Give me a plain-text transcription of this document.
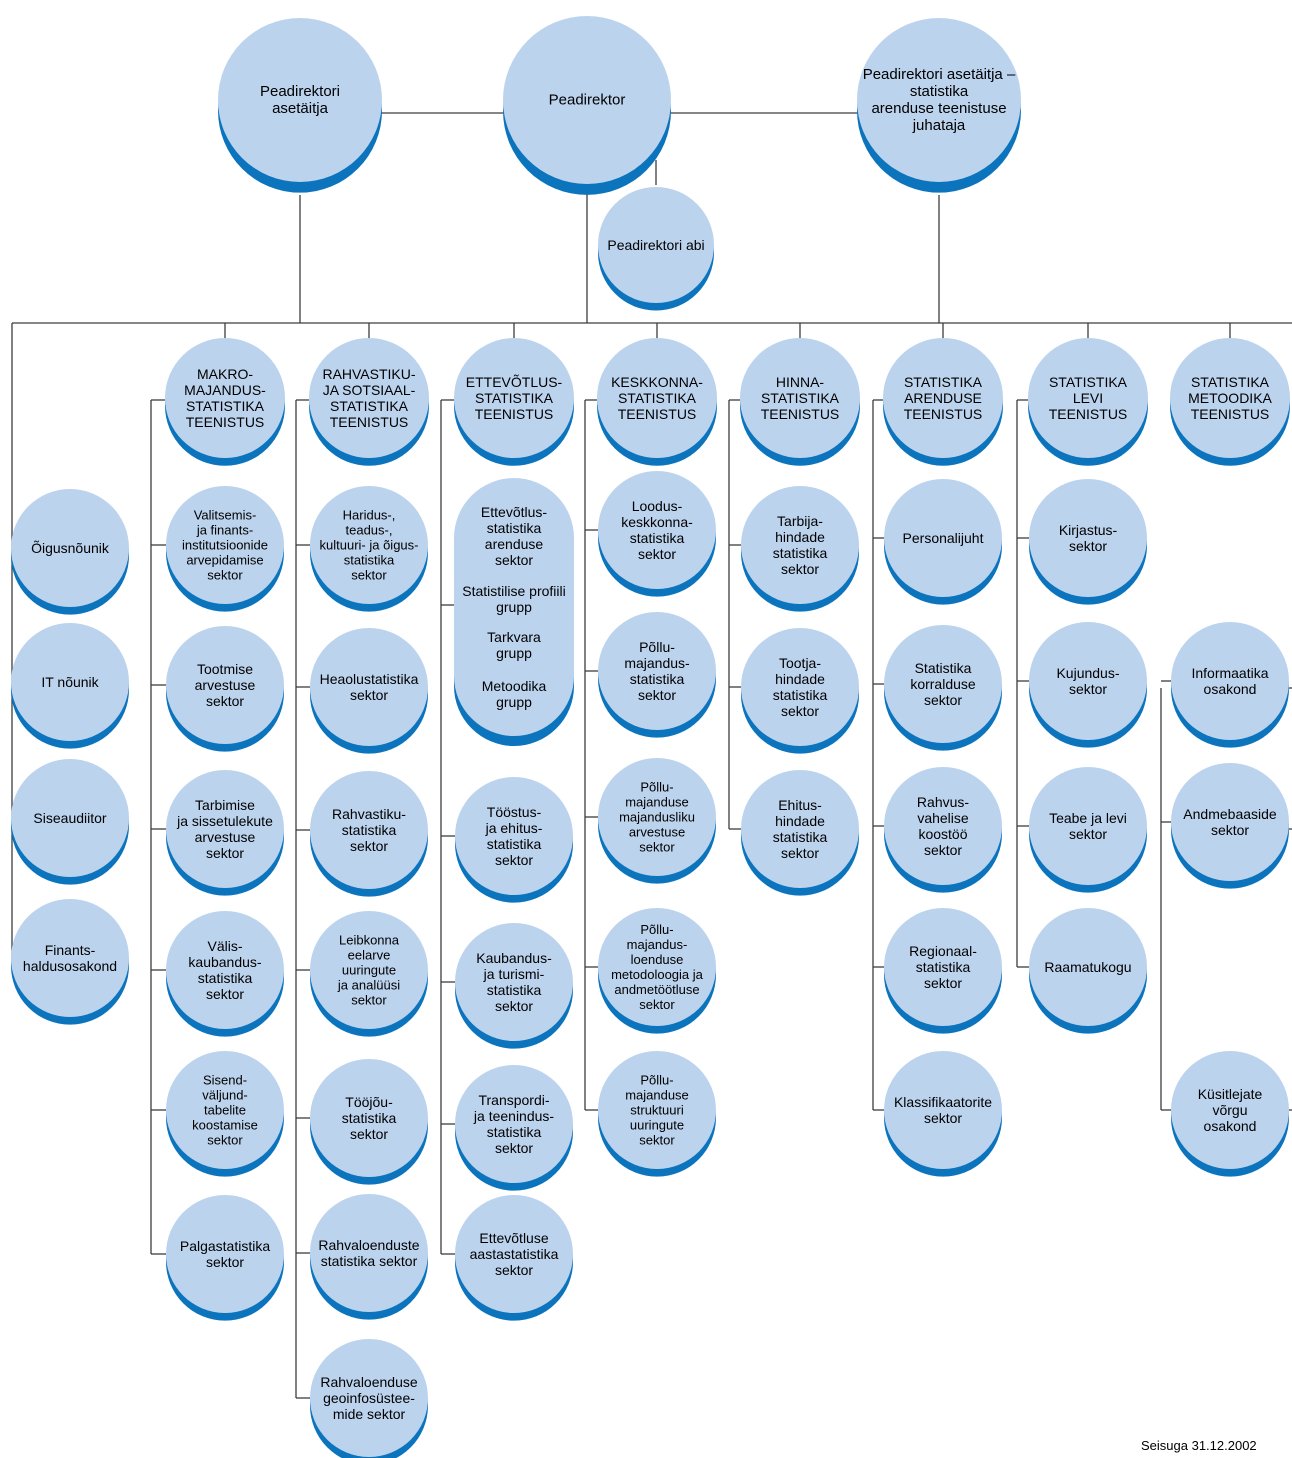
Peadirektori
asetäitja	Peadirektor
Peadirektori asetäitja –
statistika
arenduse teenistuse
juhataja
Peadirektori abi
Õigusnõunik
IT nõunik
Siseaudiitor
Finants-
haldusosakond
MAKRO-
MAJANDUS-
STATISTIKA
TEENISTUS
Valitsemis-
ja finants-
institutsioonide
arvepidamise
sektor
Tootmise
arvestuse
sektor
Tarbimise
ja sissetulekute
arvestuse
sektor
Välis-
kaubandus-
statistika
sektor
Sisend-
väljund-
tabelite
koostamise
sektor
Palgastatistika
sektor
RAHVASTIKU-
JA SOTSIAAL-
STATISTIKA
TEENISTUS
Haridus-,
teadus-,
kultuuri- ja õigus-
statistika
sektor
Heaolustatistika
sektor
Rahvastiku-
statistika
sektor
Leibkonna
eelarve
uuringute
ja analüüsi
sektor
Tööjõu-
statistika
sektor
Rahvaloenduste
statistika sektor
Rahvaloenduse
geoinfosüstee-
mide sektor
ETTEVÕTLUS-
STATISTIKA
TEENISTUS
Ettevõtlus-
statistika
arenduse
sektor
Statistilise profiili
grupp
Tarkvara
grupp
Metoodika
grupp
Tööstus-
ja ehitus-
statistika
sektor
Kaubandus-
ja turismi-
statistika
sektor
Transpordi-
ja teenindus-
statistika
sektor
Ettevõtluse
aastastatistika
sektor
KESKKONNA-
STATISTIKA
TEENISTUS
Loodus-
keskkonna-
statistika
sektor
Põllu-
majandus-
statistika
sektor
Põllu-
majanduse
majandusliku
arvestuse
sektor
Põllu-
majandus-
loenduse
metodoloogia ja
andmetöötluse
sektor
Põllu-
majanduse
struktuuri
uuringute
sektor
HINNA-
STATISTIKA
TEENISTUS
Tarbija-
hindade
statistika
sektor
Tootja-
hindade
statistika
sektor
Ehitus-
hindade
statistika
sektor
STATISTIKA
ARENDUSE
TEENISTUS
Personalijuht
Statistika
korralduse
sektor
Rahvus-
vahelise
koostöö
sektor
Regionaal-
statistika
sektor
Klassifikaatorite
sektor
STATISTIKA
LEVI
TEENISTUS
Kirjastus-
sektor
Kujundus-
sektor
Teabe ja levi
sektor
Raamatukogu
STATISTIKA
METOODIKA
TEENISTUS
Informaatika
osakond
Andmebaaside
sektor
Küsitlejate
võrgu
osakond
Seisuga 31.12.2002
